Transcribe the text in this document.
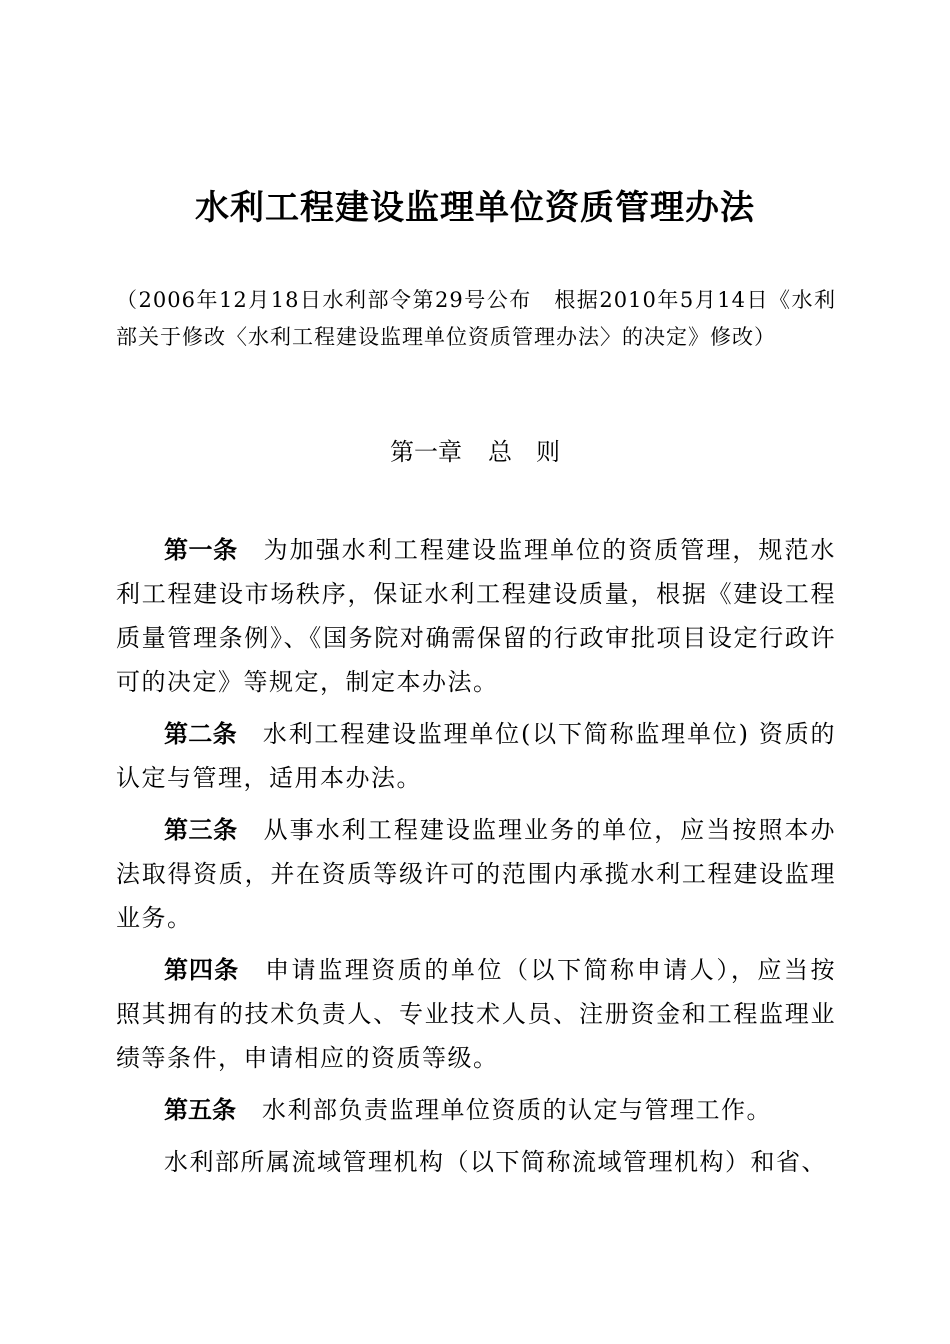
水利工程建设监理单位资质管理办法
（2006年12月18日水利部令第29号公布　根据2010年5月14日《水利部关于修改〈水利工程建设监理单位资质管理办法〉的决定》修改）
第一章 总　则

第一条 为加强水利工程建设监理单位的资质管理，规范水利工程建设市场秩序，保证水利工程建设质量，根据《建设工程质量管理条例》、《国务院对确需保留的行政审批项目设定行政许可的决定》等规定，制定本办法。

第二条 水利工程建设监理单位(以下简称监理单位) 资质的认定与管理，适用本办法。

第三条 从事水利工程建设监理业务的单位，应当按照本办法取得资质，并在资质等级许可的范围内承揽水利工程建设监理业务。

第四条 申请监理资质的单位（以下简称申请人），应当按照其拥有的技术负责人、专业技术人员、注册资金和工程监理业绩等条件，申请相应的资质等级。

第五条 水利部负责监理单位资质的认定与管理工作。

水利部所属流域管理机构（以下简称流域管理机构）和省、
